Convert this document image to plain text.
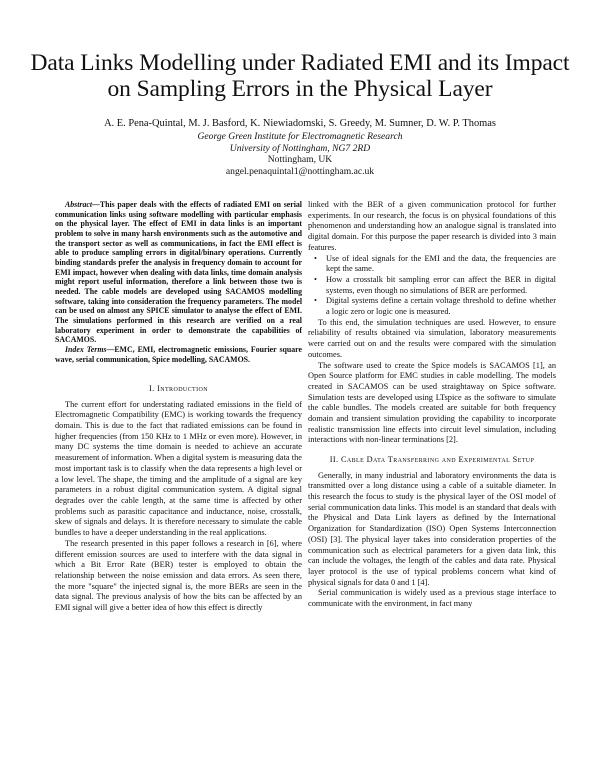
Data Links Modelling under Radiated EMI and its Impact on Sampling Errors in the Physical Layer
A. E. Pena-Quintal, M. J. Basford, K. Niewiadomski, S. Greedy, M. Sumner, D. W. P. Thomas
George Green Institute for Electromagnetic Research
University of Nottingham, NG7 2RD
Nottingham, UK
angel.penaquintal1@nottingham.ac.uk

Abstract—This paper deals with the effects of radiated EMI on serial communication links using software modelling with particular emphasis on the physical layer. The effect of EMI in data links is an important problem to solve in many harsh environments such as the automotive and the transport sector as well as communications, in fact the EMI effect is able to produce sampling errors in digital/binary operations. Currently binding standards prefer the analysis in frequency domain to account for EMI impact, however when dealing with data links, time domain analysis might report useful information, therefore a link between those two is needed. The cable models are developed using SACAMOS modelling software, taking into consideration the frequency parameters. The model can be used on almost any SPICE simulator to analyse the effect of EMI. The simulations performed in this research are verified on a real laboratory experiment in order to demonstrate the capabilities of SACAMOS.

Index Terms—EMC, EMI, electromagnetic emissions, Fourier square wave, serial communication, Spice modelling, SACAMOS.

I. Introduction

The current effort for understating radiated emissions in the field of Electromagnetic Compatibility (EMC) is working towards the frequency domain. This is due to the fact that radiated emissions can be found in higher frequencies (from 150 KHz to 1 MHz or even more). However, in many DC systems the time domain is needed to achieve an accurate measurement of information. When a digital system is measuring data the most important task is to classify when the data represents a high level or a low level. The shape, the timing and the amplitude of a signal are key parameters in a robust digital communication system. A digital signal degrades over the cable length, at the same time is affected by other problems such as parasitic capacitance and inductance, noise, crosstalk, skew of signals and delays. It is therefore necessary to simulate the cable bundles to have a deeper understanding in the real applications.

The research presented in this paper follows a research in [6], where different emission sources are used to interfere with the data signal in which a Bit Error Rate (BER) tester is employed to obtain the relationship between the noise emission and data errors. As seen there, the more "square" the injected signal is, the more BERs are seen in the data signal. The previous analysis of how the bits can be affected by an EMI signal will give a better idea of how this effect is directly

linked with the BER of a given communication protocol for further experiments. In our research, the focus is on physical foundations of this phenomenon and understanding how an analogue signal is translated into digital domain. For this purpose the paper research is divided into 3 main features.

• Use of ideal signals for the EMI and the data, the frequencies are kept the same.
• How a crosstalk bit sampling error can affect the BER in digital systems, even though no simulations of BER are performed.
• Digital systems define a certain voltage threshold to define whether a logic zero or logic one is measured.

To this end, the simulation techniques are used. However, to ensure reliability of results obtained via simulation, laboratory measurements were carried out on and the results were compared with the simulation outcomes.

The software used to create the Spice models is SACAMOS [1], an Open Source platform for EMC studies in cable modelling. The models created in SACAMOS can be used straightaway on Spice software. Simulation tests are developed using LTspice as the software to simulate the cable bundles. The models created are suitable for both frequency domain and transient simulation providing the capability to incorporate realistic transmission line effects into circuit level simulation, including interactions with non-linear terminations [2].

II. Cable Data Transferring and Experimental Setup

Generally, in many industrial and laboratory environments the data is transmitted over a long distance using a cable of a suitable diameter. In this research the focus to study is the physical layer of the OSI model of serial communication data links. This model is an standard that deals with the Physical and Data Link layers as defined by the International Organization for Standardization (ISO) Open Systems Interconnection (OSI) [3]. The physical layer takes into consideration properties of the communication such as electrical parameters for a given data link, this can include the voltages, the length of the cables and data rate. Physical layer protocol is the use of typical problems concern what kind of physical signals for data 0 and 1 [4].

Serial communication is widely used as a previous stage interface to communicate with the environment, in fact many
